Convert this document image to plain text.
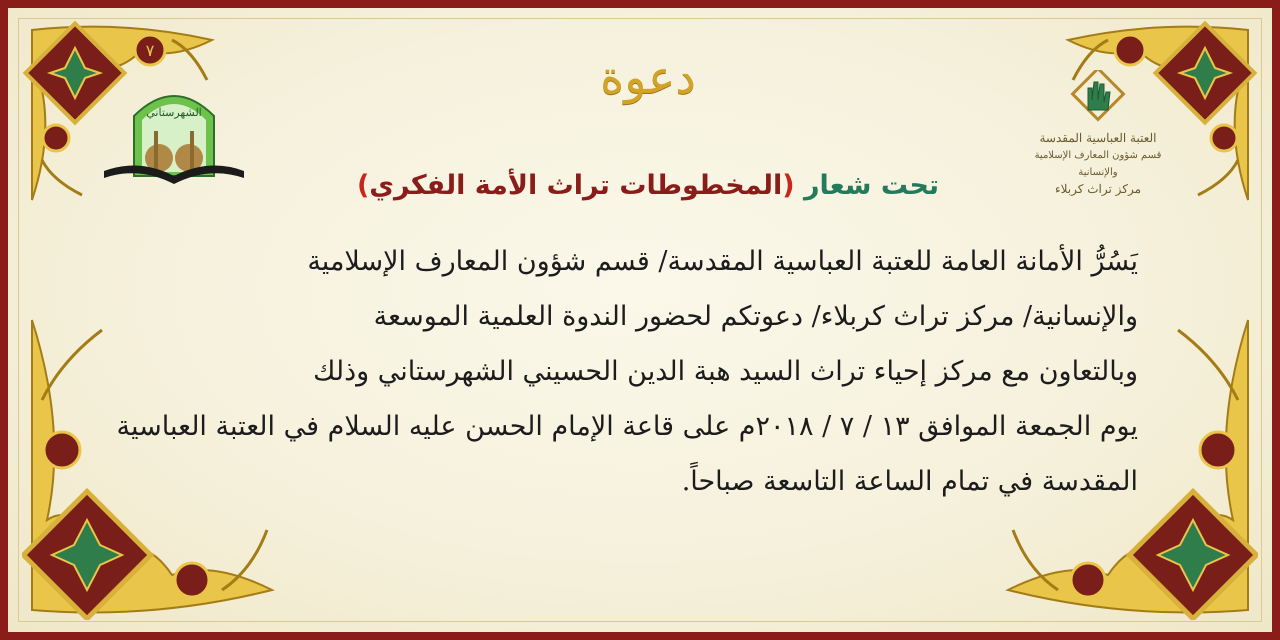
٧
الشهرستاني
العتبة العباسية المقدسة
قسم شؤون المعارف الإسلامية والإنسانية
مركز تراث كربلاء
دعوة
تحت شعار (المخطوطات تراث الأمة الفكري)
يَسُرُّ الأمانة العامة للعتبة العباسية المقدسة/ قسم شؤون المعارف الإسلامية
والإنسانية/ مركز تراث كربلاء/ دعوتكم لحضور الندوة العلمية الموسعة
وبالتعاون مع مركز إحياء تراث السيد هبة الدين الحسيني الشهرستاني وذلك
يوم الجمعة الموافق ١٣ / ٧ / ٢٠١٨م على قاعة الإمام الحسن عليه السلام في العتبة العباسية
المقدسة في تمام الساعة التاسعة صباحاً.
